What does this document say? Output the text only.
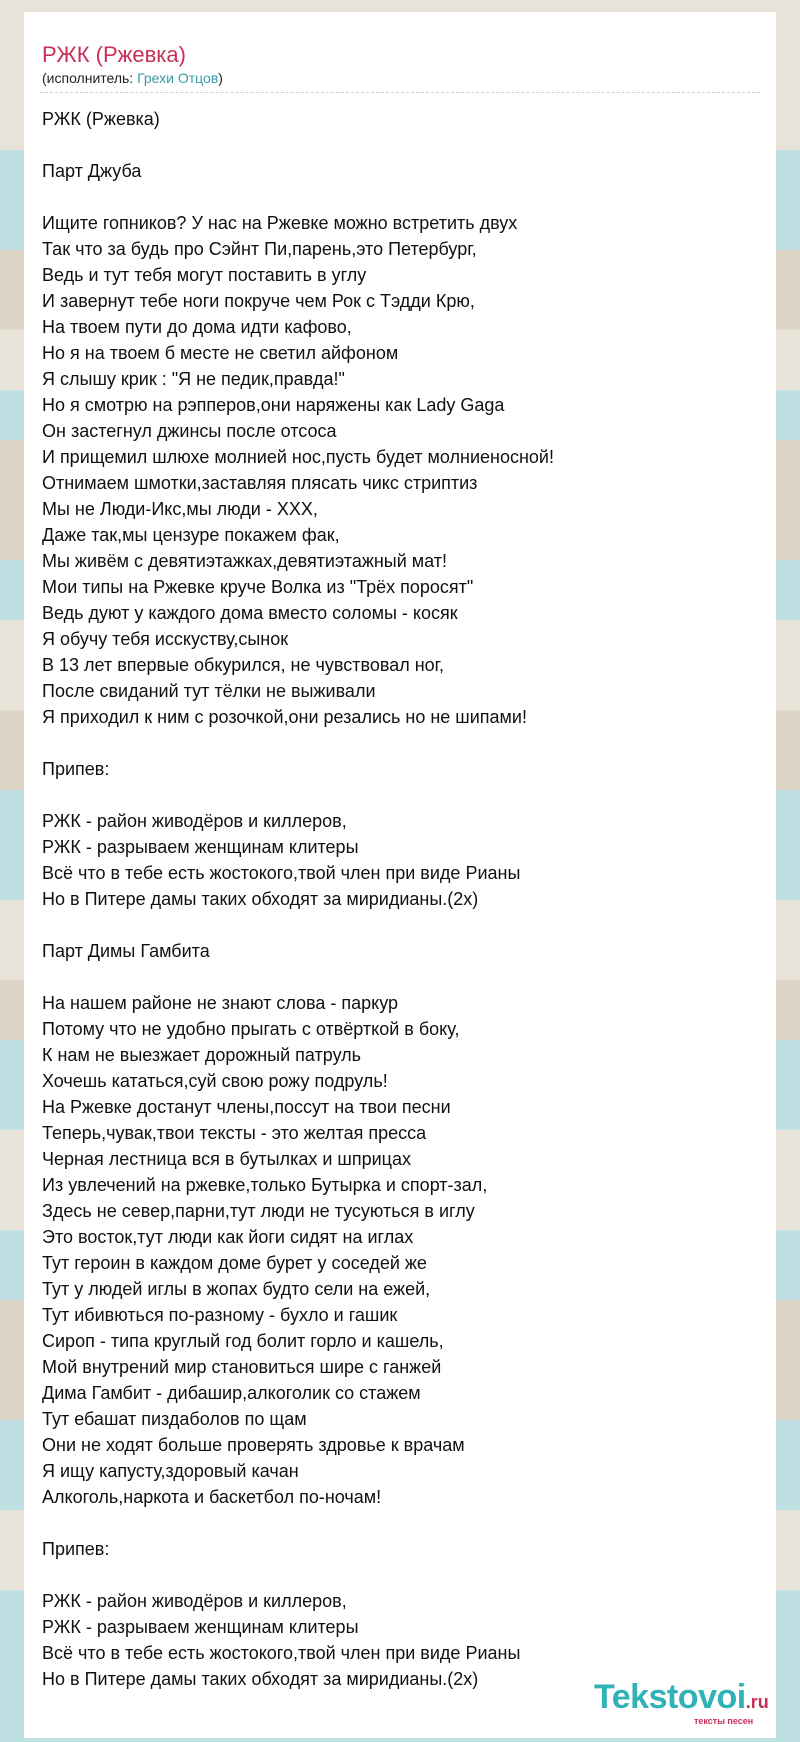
РЖК (Ржевка)
(исполнитель: Грехи Отцов)
РЖК (Ржевка)
Парт Джуба
Ищите гопников? У нас на Ржевке можно встретить двух
Так что за будь про Сэйнт Пи,парень,это Петербург,
Ведь и тут тебя могут поставить в углу
И завернут тебе ноги покруче чем Рок с Тэдди Крю,
На твоем пути до дома идти кафово,
Но я на твоем б месте не светил айфоном
Я слышу крик : "Я не педик,правда!"
Но я смотрю на рэпперов,они наряжены как Lady Gaga
Он застегнул джинсы после отсоса
И прищемил шлюхе молнией нос,пусть будет молниеносной!
Отнимаем шмотки,заставляя плясать чикс стриптиз
Мы не Люди-Икс,мы люди - XXX,
Даже так,мы цензуре покажем фак,
Мы живём с девятиэтажках,девятиэтажный мат!
Мои типы на Ржевке круче Волка из "Трёх поросят"
Ведь дуют у каждого дома вместо соломы - косяк
Я обучу тебя исскуству,сынок
В 13 лет впервые обкурился, не чувствовал ног,
После свиданий тут тёлки не выживали
Я приходил к ним с розочкой,они резались но не шипами!
Припев:
РЖК - район живодёров и киллеров,
РЖК - разрываем женщинам клитеры
Всё что в тебе есть жостокого,твой член при виде Рианы
Но в Питере дамы таких обходят за миридианы.(2х)
Парт Димы Гамбита
На нашем районе не знают слова - паркур
Потому что не удобно прыгать с отвёрткой в боку,
К нам не выезжает дорожный патруль
Хочешь кататься,суй свою рожу подруль!
На Ржевке достанут члены,поссут на твои песни
Теперь,чувак,твои тексты - это желтая пресса
Черная лестница вся в бутылках и шприцах
Из увлечений на ржевке,только Бутырка и спорт-зал,
Здесь не север,парни,тут люди не тусуються в иглу
Это восток,тут люди как йоги сидят на иглах
Тут героин в каждом доме бурет у соседей же
Тут у людей иглы в жопах будто сели на ежей,
Тут ибивються по-разному - бухло и гашик
Сироп - типа круглый год болит горло и кашель,
Мой внутрений мир становиться шире с ганжей
Дима Гамбит - дибашир,алкоголик со стажем
Тут ебашат пиздаболов по щам
Они не ходят больше проверять здровье к врачам
Я ищу капусту,здоровый качан
Алкоголь,наркота и баскетбол по-ночам!
Припев:
РЖК - район живодёров и киллеров,
РЖК - разрываем женщинам клитеры
Всё что в тебе есть жостокого,твой член при виде Рианы
Но в Питере дамы таких обходят за миридианы.(2х)	Tekstovoi.ru
тексты песен
